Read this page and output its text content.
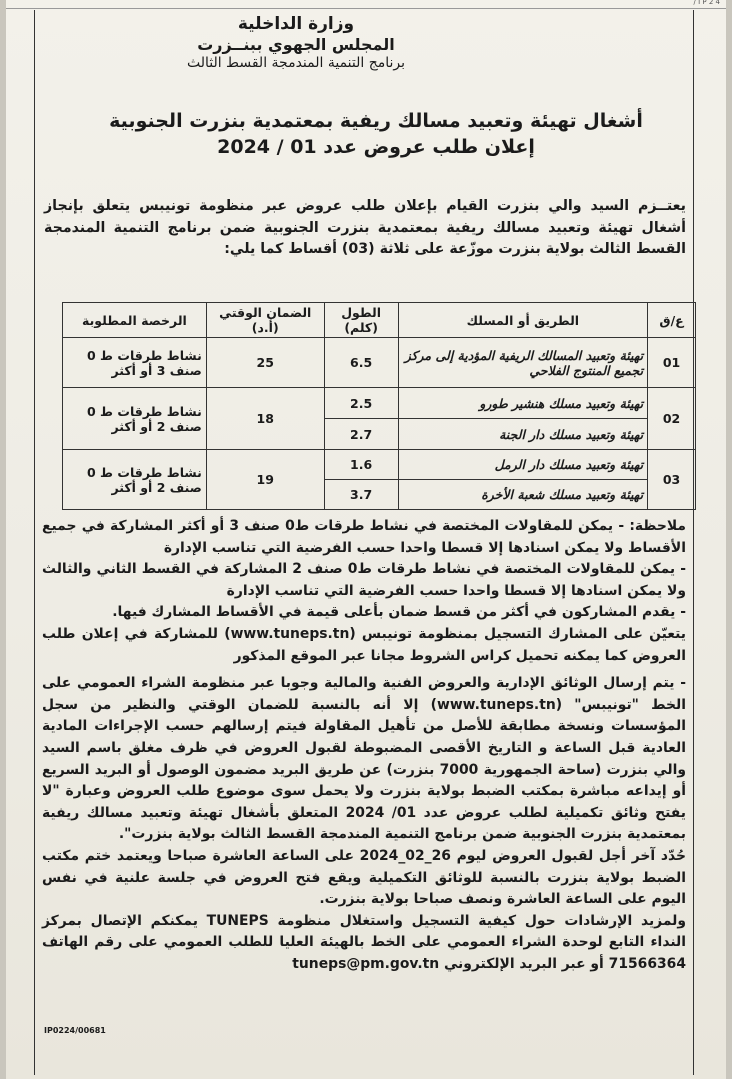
I P 2 4 /
وزارة الداخلية
المجلس الجهوي ببنــزرت
برنامج التنمية المندمجة القسط الثالث
أشغال تهيئة وتعبيد مسالك ريفية بمعتمدية بنزرت الجنوبية
إعلان طلب عروض عدد 01 / 2024
يعتــزم السيد والي بنزرت القيام بإعلان طلب عروض عبر منظومة تونيبس يتعلق بإنجاز أشغال تهيئة وتعبيد مسالك ريفية بمعتمدية بنزرت الجنوبية ضمن برنامج التنمية المندمجة القسط الثالث بولاية بنزرت موزّعة على ثلاثة (03) أقساط كما يلي:
ع/ق	الطريق أو المسلك	الطول (كلم)	الضمان الوقتي (أ.د)	الرخصة المطلوبة
01	تهيئة وتعبيد المسالك الريفية المؤدية إلى مركز تجميع المنتوج الفلاحي	6.5	25	نشاط طرقات ط 0 صنف 3 أو أكثر
02	تهيئة وتعبيد مسلك هنشير طورو	2.5	18	نشاط طرقات ط 0 صنف 2 أو أكثر
	تهيئة وتعبيد مسلك دار الجنة	2.7		
03	تهيئة وتعبيد مسلك دار الرمل	1.6	19	نشاط طرقات ط 0 صنف 2 أو أكثر
	تهيئة وتعبيد مسلك شعبة الأخرة	3.7		

ملاحظة: - يمكن للمقاولات المختصة في نشاط طرقات ط0 صنف 3 أو أكثر المشاركة في جميع الأقساط ولا يمكن اسنادها إلا قسطا واحدا حسب الفرضية التي تناسب الإدارة

- يمكن للمقاولات المختصة في نشاط طرقات ط0 صنف 2 المشاركة في القسط الثاني والثالث ولا يمكن اسنادها إلا قسطا واحدا حسب الفرضية التي تناسب الإدارة

- يقدم المشاركون في أكثر من قسط ضمان بأعلى قيمة في الأقساط المشارك فيها.

يتعيّن على المشارك التسجيل بمنظومة تونيبس (www.tuneps.tn) للمشاركة في إعلان طلب العروض كما يمكنه تحميل كراس الشروط مجانا عبر الموقع المذكور

- يتم إرسال الوثائق الإدارية والعروض الفنية والمالية وجوبا عبر منظومة الشراء العمومي على الخط "تونيبس" (www.tuneps.tn) إلا أنه بالنسبة للضمان الوقتي والنظير من سجل المؤسسات ونسخة مطابقة للأصل من تأهيل المقاولة فيتم إرسالهم حسب الإجراءات المادية العادية قبل الساعة و التاريخ الأقصى المضبوطة لقبول العروض في ظرف مغلق باسم السيد والي بنزرت (ساحة الجمهورية 7000 بنزرت) عن طريق البريد مضمون الوصول أو البريد السريع أو إيداعه مباشرة بمكتب الضبط بولاية بنزرت ولا يحمل سوى موضوع طلب العروض وعبارة "لا يفتح وثائق تكميلية لطلب عروض عدد 01/ 2024 المتعلق بأشغال تهيئة وتعبيد مسالك ريفية بمعتمدية بنزرت الجنوبية ضمن برنامج التنمية المندمجة القسط الثالث بولاية بنزرت".

حُدّد آخر أجل لقبول العروض ليوم 26_02_2024 على الساعة العاشرة صباحا ويعتمد ختم مكتب الضبط بولاية بنزرت بالنسبة للوثائق التكميلية ويقع فتح العروض في جلسة علنية في نفس اليوم على الساعة العاشرة ونصف صباحا بولاية بنزرت.

ولمزيد الإرشادات حول كيفية التسجيل واستغلال منظومة TUNEPS يمكنكم الإتصال بمركز النداء التابع لوحدة الشراء العمومي على الخط بالهيئة العليا للطلب العمومي على رقم الهاتف 71566364 أو عبر البريد الإلكتروني tuneps@pm.gov.tn

IP0224/00681
